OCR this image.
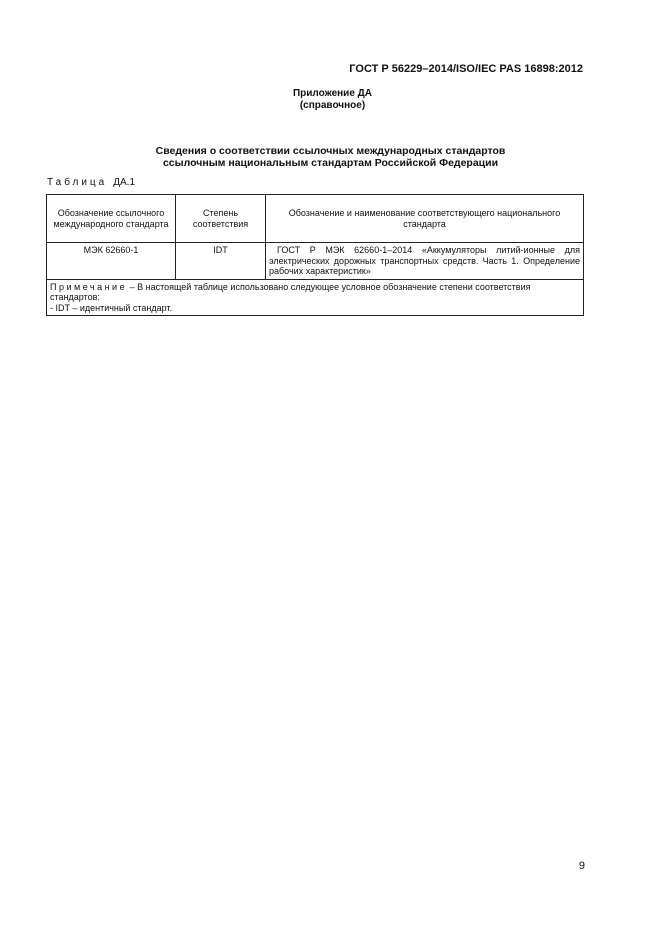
ГОСТ Р 56229–2014/ISO/IEC PAS 16898:2012
Приложение ДА
(справочное)
Сведения о соответствии ссылочных международных стандартов
ссылочным национальным стандартам Российской Федерации
Таблица ДА.1
Обозначение ссылочного международного стандарта	Степень соответствия	Обозначение и наименование соответствующего национального стандарта
МЭК 62660-1	IDT	ГОСТ Р МЭК 62660-1–2014 «Аккумуляторы литий-ионные для электрических дорожных транспортных средств. Часть 1. Определение рабочих характеристик»
Примечание – В настоящей таблице использовано следующее условное обозначение степени соответствия стандартов:
- IDT – идентичный стандарт.		
9
